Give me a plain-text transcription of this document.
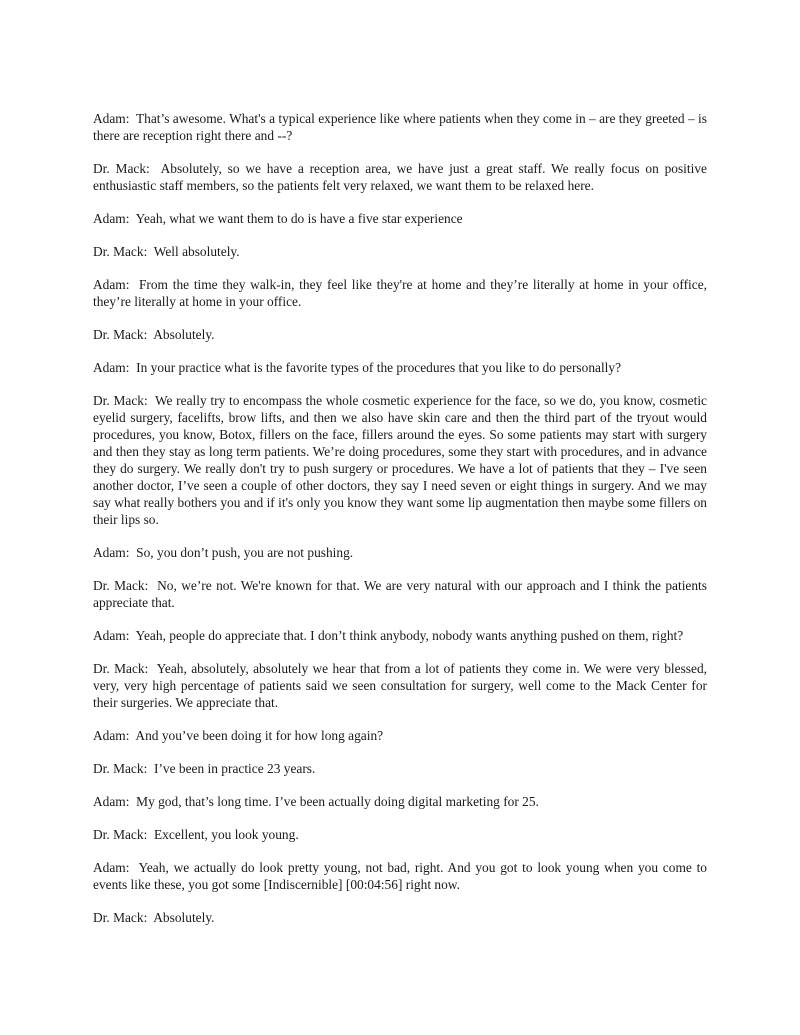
Adam:  That’s awesome. What's a typical experience like where patients when they come in – are they greeted – is there are reception right there and --?

Dr. Mack:  Absolutely, so we have a reception area, we have just a great staff. We really focus on positive enthusiastic staff members, so the patients felt very relaxed, we want them to be relaxed here.

Adam:  Yeah, what we want them to do is have a five star experience

Dr. Mack:  Well absolutely.

Adam:  From the time they walk-in, they feel like they're at home and they’re literally at home in your office, they’re literally at home in your office.

Dr. Mack:  Absolutely.

Adam:  In your practice what is the favorite types of the procedures that you like to do personally?

Dr. Mack:  We really try to encompass the whole cosmetic experience for the face, so we do, you know, cosmetic eyelid surgery, facelifts, brow lifts, and then we also have skin care and then the third part of the tryout would procedures, you know, Botox, fillers on the face, fillers around the eyes. So some patients may start with surgery and then they stay as long term patients. We’re doing procedures, some they start with procedures, and in advance they do surgery. We really don't try to push surgery or procedures. We have a lot of patients that they – I've seen another doctor, I’ve seen a couple of other doctors, they say I need seven or eight things in surgery. And we may say what really bothers you and if it's only you know they want some lip augmentation then maybe some fillers on their lips so.

Adam:  So, you don’t push, you are not pushing.

Dr. Mack:  No, we’re not. We're known for that. We are very natural with our approach and I think the patients appreciate that.

Adam:  Yeah, people do appreciate that. I don’t think anybody, nobody wants anything pushed on them, right?

Dr. Mack:  Yeah, absolutely, absolutely we hear that from a lot of patients they come in. We were very blessed, very, very high percentage of patients said we seen consultation for surgery, well come to the Mack Center for their surgeries. We appreciate that.

Adam:  And you’ve been doing it for how long again?

Dr. Mack:  I’ve been in practice 23 years.

Adam:  My god, that’s long time. I’ve been actually doing digital marketing for 25.

Dr. Mack:  Excellent, you look young.

Adam:  Yeah, we actually do look pretty young, not bad, right. And you got to look young when you come to events like these, you got some [Indiscernible] [00:04:56] right now.

Dr. Mack:  Absolutely.
